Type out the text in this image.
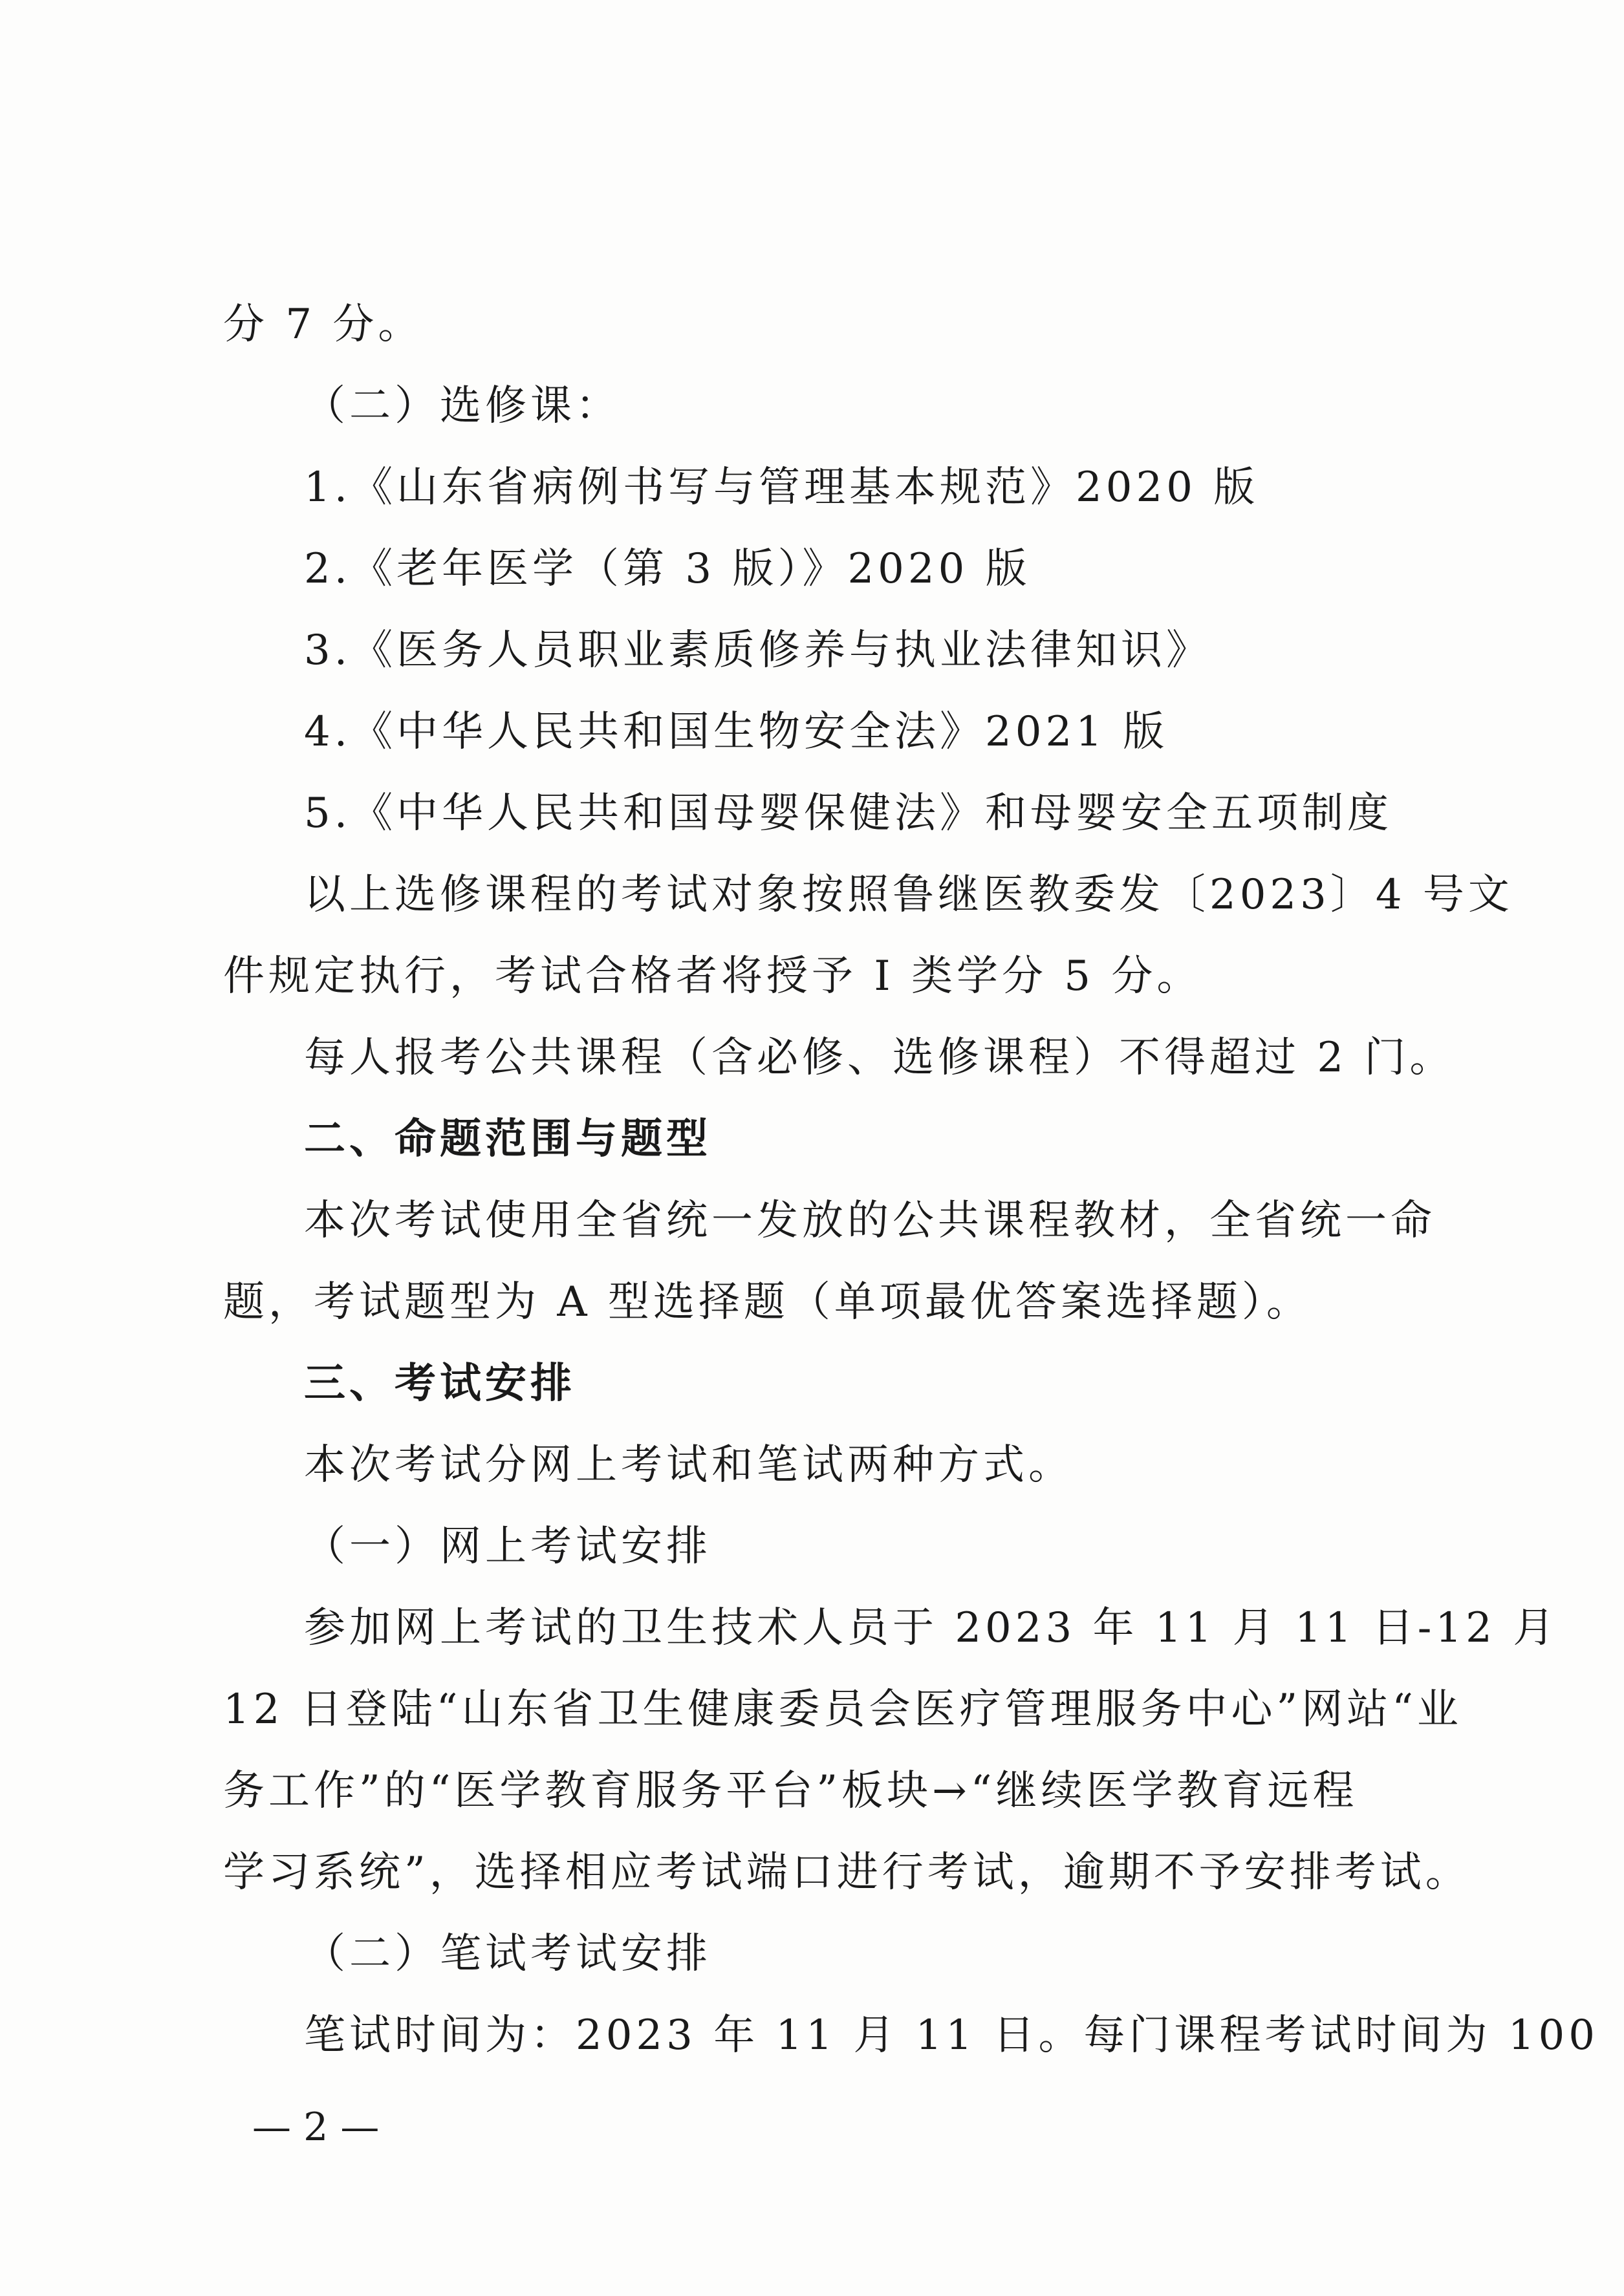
分 7 分。
（二）选修课：
1.《山东省病例书写与管理基本规范》2020 版
2.《老年医学（第 3 版）》2020 版
3.《医务人员职业素质修养与执业法律知识》
4.《中华人民共和国生物安全法》2021 版
5.《中华人民共和国母婴保健法》和母婴安全五项制度
以上选修课程的考试对象按照鲁继医教委发〔2023〕4 号文
件规定执行，考试合格者将授予 I 类学分 5 分。
每人报考公共课程（含必修、选修课程）不得超过 2 门。
二、命题范围与题型
本次考试使用全省统一发放的公共课程教材，全省统一命
题，考试题型为 A 型选择题（单项最优答案选择题）。
三、考试安排
本次考试分网上考试和笔试两种方式。
（一）网上考试安排
参加网上考试的卫生技术人员于 2023 年 11 月 11 日-12 月
12 日登陆“山东省卫生健康委员会医疗管理服务中心”网站“业
务工作”的“医学教育服务平台”板块→“继续医学教育远程
学习系统”，选择相应考试端口进行考试，逾期不予安排考试。
（二）笔试考试安排
笔试时间为：2023 年 11 月 11 日。每门课程考试时间为 100
— 2 —
